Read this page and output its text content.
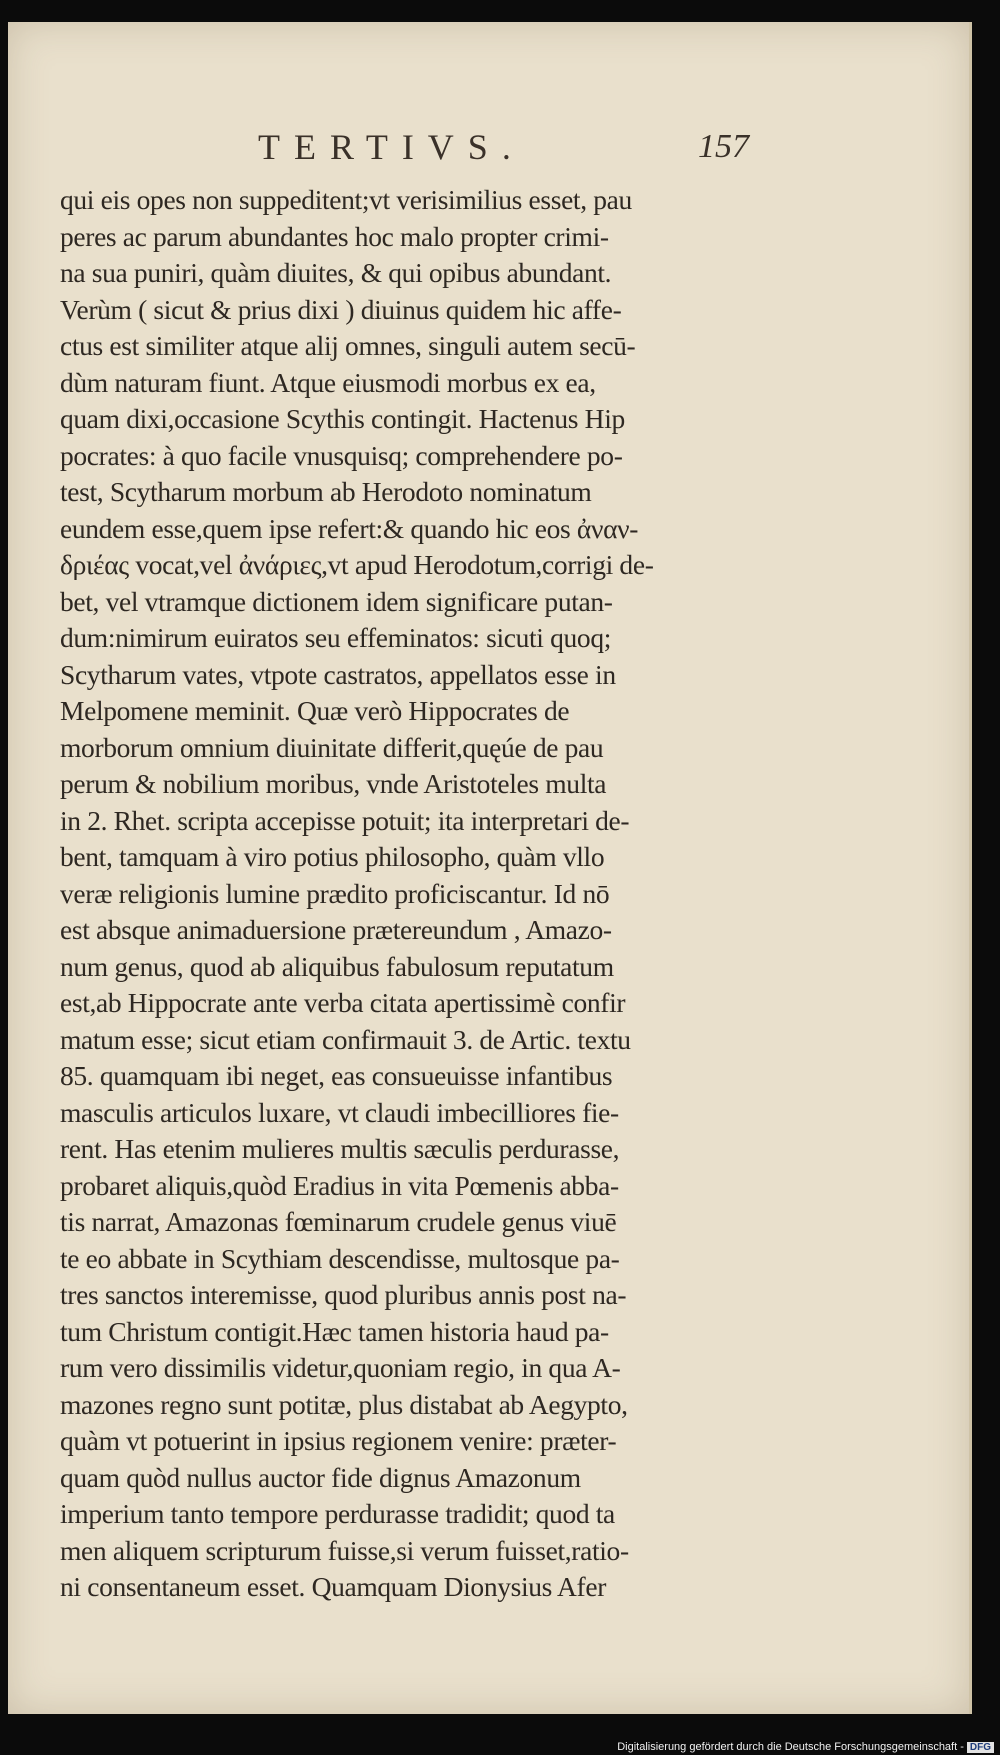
TERTIVS.	157
qui eis opes non suppeditent;vt verisimilius esset, pau
peres ac parum abundantes hoc malo propter crimi-
na sua puniri, quàm diuites, & qui opibus abundant.
Verùm ( sicut & prius dixi ) diuinus quidem hic affe-
ctus est similiter atque alij omnes, singuli autem secū-
dùm naturam fiunt. Atque eiusmodi morbus ex ea,
quam dixi,occasione Scythis contingit. Hactenus Hip
pocrates: à quo facile vnusquisq; comprehendere po-
test, Scytharum morbum ab Herodoto nominatum
eundem esse,quem ipse refert:& quando hic eos ἀναν-
δριέας vocat,vel ἀνάριες,vt apud Herodotum,corrigi de-
bet, vel vtramque dictionem idem significare putan-
dum:nimirum euiratos seu effeminatos: sicuti quoq;
Scytharum vates, vtpote castratos, appellatos esse in
Melpomene meminit. Quæ verò Hippocrates de
morborum omnium diuinitate differit,quęúe de pau
perum & nobilium moribus, vnde Aristoteles multa
in 2. Rhet. scripta accepisse potuit; ita interpretari de-
bent, tamquam à viro potius philosopho, quàm vllo
veræ religionis lumine prædito proficiscantur. Id nō
est absque animaduersione prætereundum , Amazo-
num genus, quod ab aliquibus fabulosum reputatum
est,ab Hippocrate ante verba citata apertissimè confir
matum esse; sicut etiam confirmauit 3. de Artic. textu
85. quamquam ibi neget, eas consueuisse infantibus
masculis articulos luxare, vt claudi imbecilliores fie-
rent. Has etenim mulieres multis sæculis perdurasse,
probaret aliquis,quòd Eradius in vita Pœmenis abba-
tis narrat, Amazonas fœminarum crudele genus viuē
te eo abbate in Scythiam descendisse, multosque pa-
tres sanctos interemisse, quod pluribus annis post na-
tum Christum contigit.Hæc tamen historia haud pa-
rum vero dissimilis videtur,quoniam regio, in qua A-
mazones regno sunt potitæ, plus distabat ab Aegypto,
quàm vt potuerint in ipsius regionem venire: præter-
quam quòd nullus auctor fide dignus Amazonum
imperium tanto tempore perdurasse tradidit; quod ta
men aliquem scripturum fuisse,si verum fuisset,ratio-
ni consentaneum esset. Quamquam Dionysius Afer
Digitalisierung gefördert durch die Deutsche Forschungsgemeinschaft - DFG
